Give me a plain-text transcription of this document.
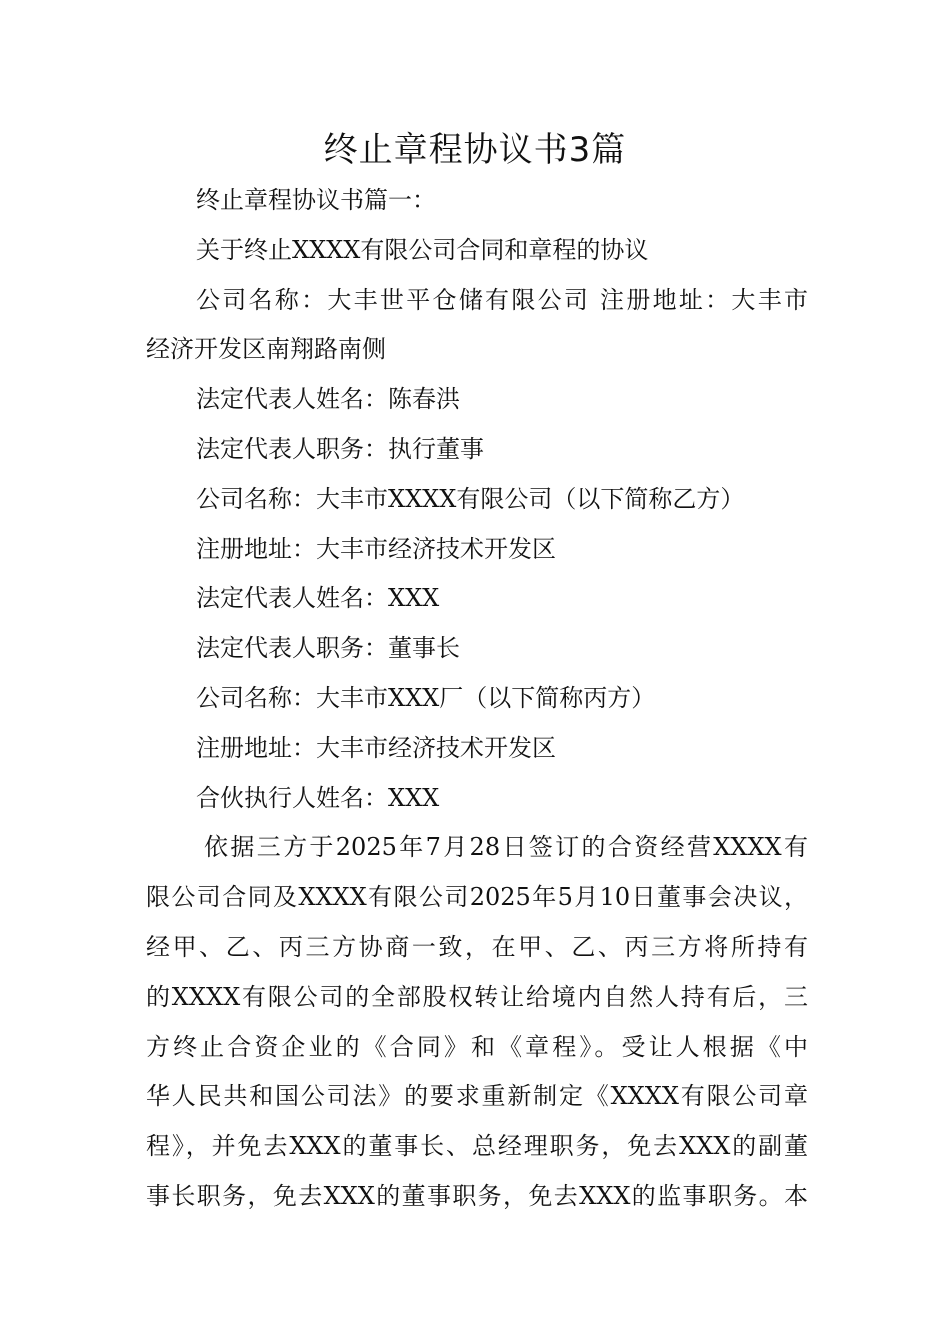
终止章程协议书3篇
终止章程协议书篇一：
关于终止XXXX有限公司合同和章程的协议
公司名称：大丰世平仓储有限公司 注册地址：大丰市
经济开发区南翔路南侧
法定代表人姓名：陈春洪
法定代表人职务：执行董事
公司名称：大丰市XXXX有限公司（以下简称乙方）
注册地址：大丰市经济技术开发区
法定代表人姓名：XXX
法定代表人职务：董事长
公司名称：大丰市XXX厂（以下简称丙方）
注册地址：大丰市经济技术开发区
合伙执行人姓名：XXX
依据三方于2025年7月28日签订的合资经营XXXX有
限公司合同及XXXX有限公司2025年5月10日董事会决议，
经甲、乙、丙三方协商一致，在甲、乙、丙三方将所持有
的XXXX有限公司的全部股权转让给境内自然人持有后，三
方终止合资企业的《合同》和《章程》。受让人根据《中
华人民共和国公司法》的要求重新制定《XXXX有限公司章
程》，并免去XXX的董事长、总经理职务，免去XXX的副董
事长职务，免去XXX的董事职务，免去XXX的监事职务。本
